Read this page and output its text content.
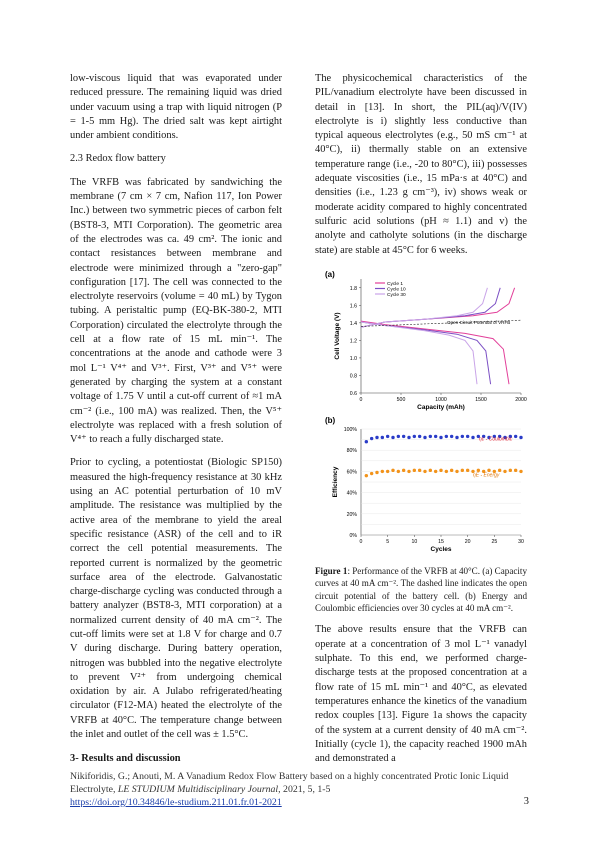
low-viscous liquid that was evaporated under reduced pressure. The remaining liquid was dried under vacuum using a trap with liquid nitrogen (P = 1-5 mm Hg). The dried salt was kept airtight under ambient conditions.

2.3 Redox flow battery

The VRFB was fabricated by sandwiching the membrane (7 cm × 7 cm, Nafion 117, Ion Power Inc.) between two symmetric pieces of carbon felt (BST8-3, MTI Corporation). The geometric area of the electrodes was ca. 49 cm². The ionic and contact resistances between membrane and electrode were minimized through a "zero-gap" configuration [17]. The cell was connected to the electrolyte reservoirs (volume = 40 mL) by Tygon tubing. A peristaltic pump (EQ-BK-380-2, MTI Corporation) circulated the electrolyte through the cell at a flow rate of 15 mL min⁻¹. The concentrations at the anode and cathode were 3 mol L⁻¹ V⁴⁺ and V³⁺. First, V³⁺ and V⁵⁺ were generated by charging the system at a constant voltage of 1.75 V until a cut-off current of ≈1 mA cm⁻² (i.e., 100 mA) was realized. Then, the V⁵⁺ electrolyte was replaced with a fresh solution of V⁴⁺ to reach a fully discharged state.

Prior to cycling, a potentiostat (Biologic SP150) measured the high-frequency resistance at 30 kHz using an AC potential perturbation of 10 mV amplitude. The resistance was multiplied by the active area of the membrane to yield the areal specific resistance (ASR) of the cell and to iR correct the cell potential measurements. The reported current is normalized by the geometric surface area of the electrode. Galvanostatic charge-discharge cycling was conducted through a battery analyzer (BST8-3, MTI corporation) at a normalized current density of 40 mA cm⁻². The cut-off limits were set at 1.8 V for charge and 0.7 V during discharge. During battery operation, nitrogen was bubbled into the negative electrolyte to prevent V²⁺ from undergoing chemical oxidation by air. A Julabo refrigerated/heating circulator (F12-MA) heated the electrolyte of the VRFB at 40°C. The temperature change between the inlet and outlet of the cell was ± 1.5°C.

3- Results and discussion

The physicochemical characteristics of the PIL/vanadium electrolyte have been discussed in detail in [13]. In short, the PIL(aq)/V(IV) electrolyte is i) slightly less conductive than typical aqueous electrolytes (e.g., 50 mS cm⁻¹ at 40°C), ii) thermally stable on an extensive temperature range (i.e., -20 to 80°C), iii) possesses adequate viscosities (i.e., 15 mPa·s at 40°C) and densities (i.e., 1.23 g cm⁻³), iv) shows weak or moderate acidity compared to highly concentrated sulfuric acid solutions (pH ≈ 1.1) and v) the anolyte and catholyte solutions (in the discharge state) are stable at 45°C for 6 weeks.

(a)
0.6
0.8
1.0
1.2
1.4
1.6
1.8
0	500	1000	1500	2000
Capacity (mAh)
Cell Voltage (V)	Open Circuit Potential of VRFB
Cycle 1
Cycle 10
Cycle 30
(b)
0%
20%
40%
60%
80%
100%
0	5	10	15	20	25	30
Cycles
Efficiency
ηc - Coulombic
ηE - Energy

Figure 1: Performance of the VRFB at 40°C. (a) Capacity curves at 40 mA cm⁻². The dashed line indicates the open circuit potential of the battery cell. (b) Energy and Coulombic efficiencies over 30 cycles at 40 mA cm⁻².

The above results ensure that the VRFB can operate at a concentration of 3 mol L⁻¹ vanadyl sulphate. To this end, we performed charge-discharge tests at the proposed concentration at a flow rate of 15 mL min⁻¹ and 40°C, as elevated temperatures enhance the kinetics of the vanadium redox couples [13]. Figure 1a shows the capacity of the system at a current density of 40 mA cm⁻². Initially (cycle 1), the capacity reached 1900 mAh and demonstrated a

Nikiforidis, G.; Anouti, M. A Vanadium Redox Flow Battery based on a highly concentrated Protic Ionic Liquid
Electrolyte, LE STUDIUM Multidisciplinary Journal, 2021, 5, 1-5
https://doi.org/10.34846/le-studium.211.01.fr.01-2021	3
